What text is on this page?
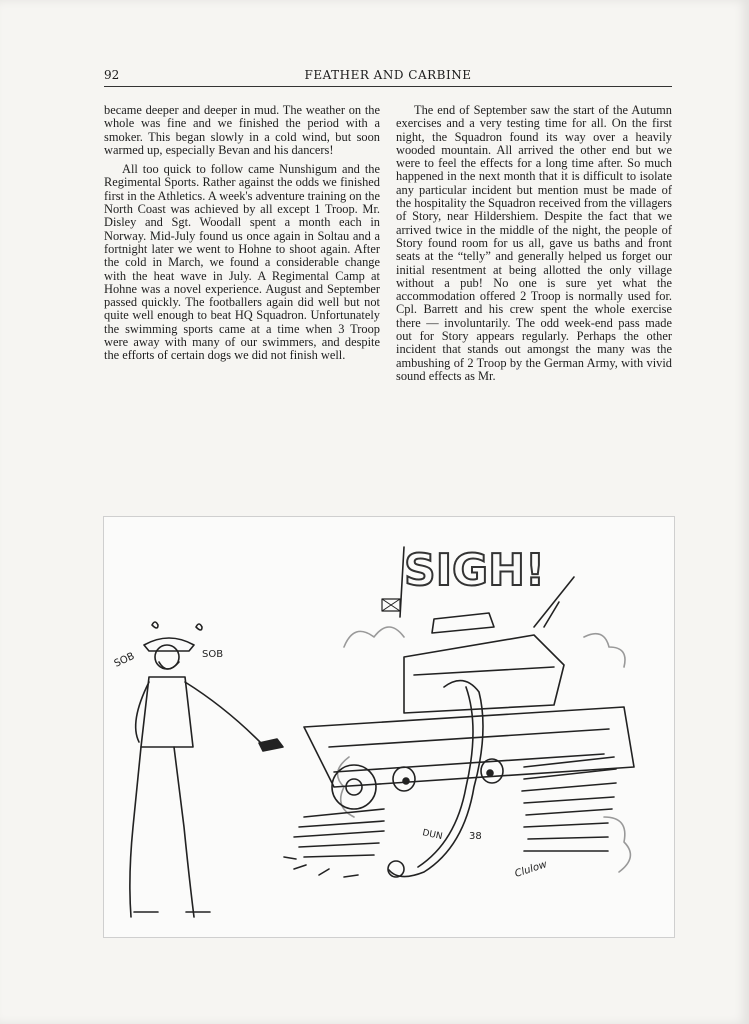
92	FEATHER AND CARBINE

became deeper and deeper in mud. The weather on the whole was fine and we finished the period with a smoker. This began slowly in a cold wind, but soon warmed up, especially Bevan and his dancers!

All too quick to follow came Nunshigum and the Regimental Sports. Rather against the odds we finished first in the Athletics. A week's adventure training on the North Coast was achieved by all except 1 Troop. Mr. Disley and Sgt. Woodall spent a month each in Norway. Mid-July found us once again in Soltau and a fortnight later we went to Hohne to shoot again. After the cold in March, we found a considerable change with the heat wave in July. A Regimental Camp at Hohne was a novel experience. August and September passed quickly. The footballers again did well but not quite well enough to beat HQ Squadron. Unfortunately the swimming sports came at a time when 3 Troop were away with many of our swimmers, and despite the efforts of certain dogs we did not finish well.

The end of September saw the start of the Autumn exercises and a very testing time for all. On the first night, the Squadron found its way over a heavily wooded mountain. All arrived the other end but we were to feel the effects for a long time after. So much happened in the next month that it is difficult to isolate any particular incident but mention must be made of the hospitality the Squadron received from the villagers of Story, near Hildershiem. Despite the fact that we arrived twice in the middle of the night, the people of Story found room for us all, gave us baths and front seats at the “telly” and generally helped us forget our initial resentment at being allotted the only village without a pub! No one is sure yet what the accommodation offered 2 Troop is normally used for. Cpl. Barrett and his crew spent the whole exercise there — involuntarily. The odd week-end pass made out for Story appears regularly. Perhaps the other incident that stands out amongst the many was the ambushing of 2 Troop by the German Army, with vivid sound effects as Mr.

SIGH!
SOB	SOB
DUN	38
Clulow
